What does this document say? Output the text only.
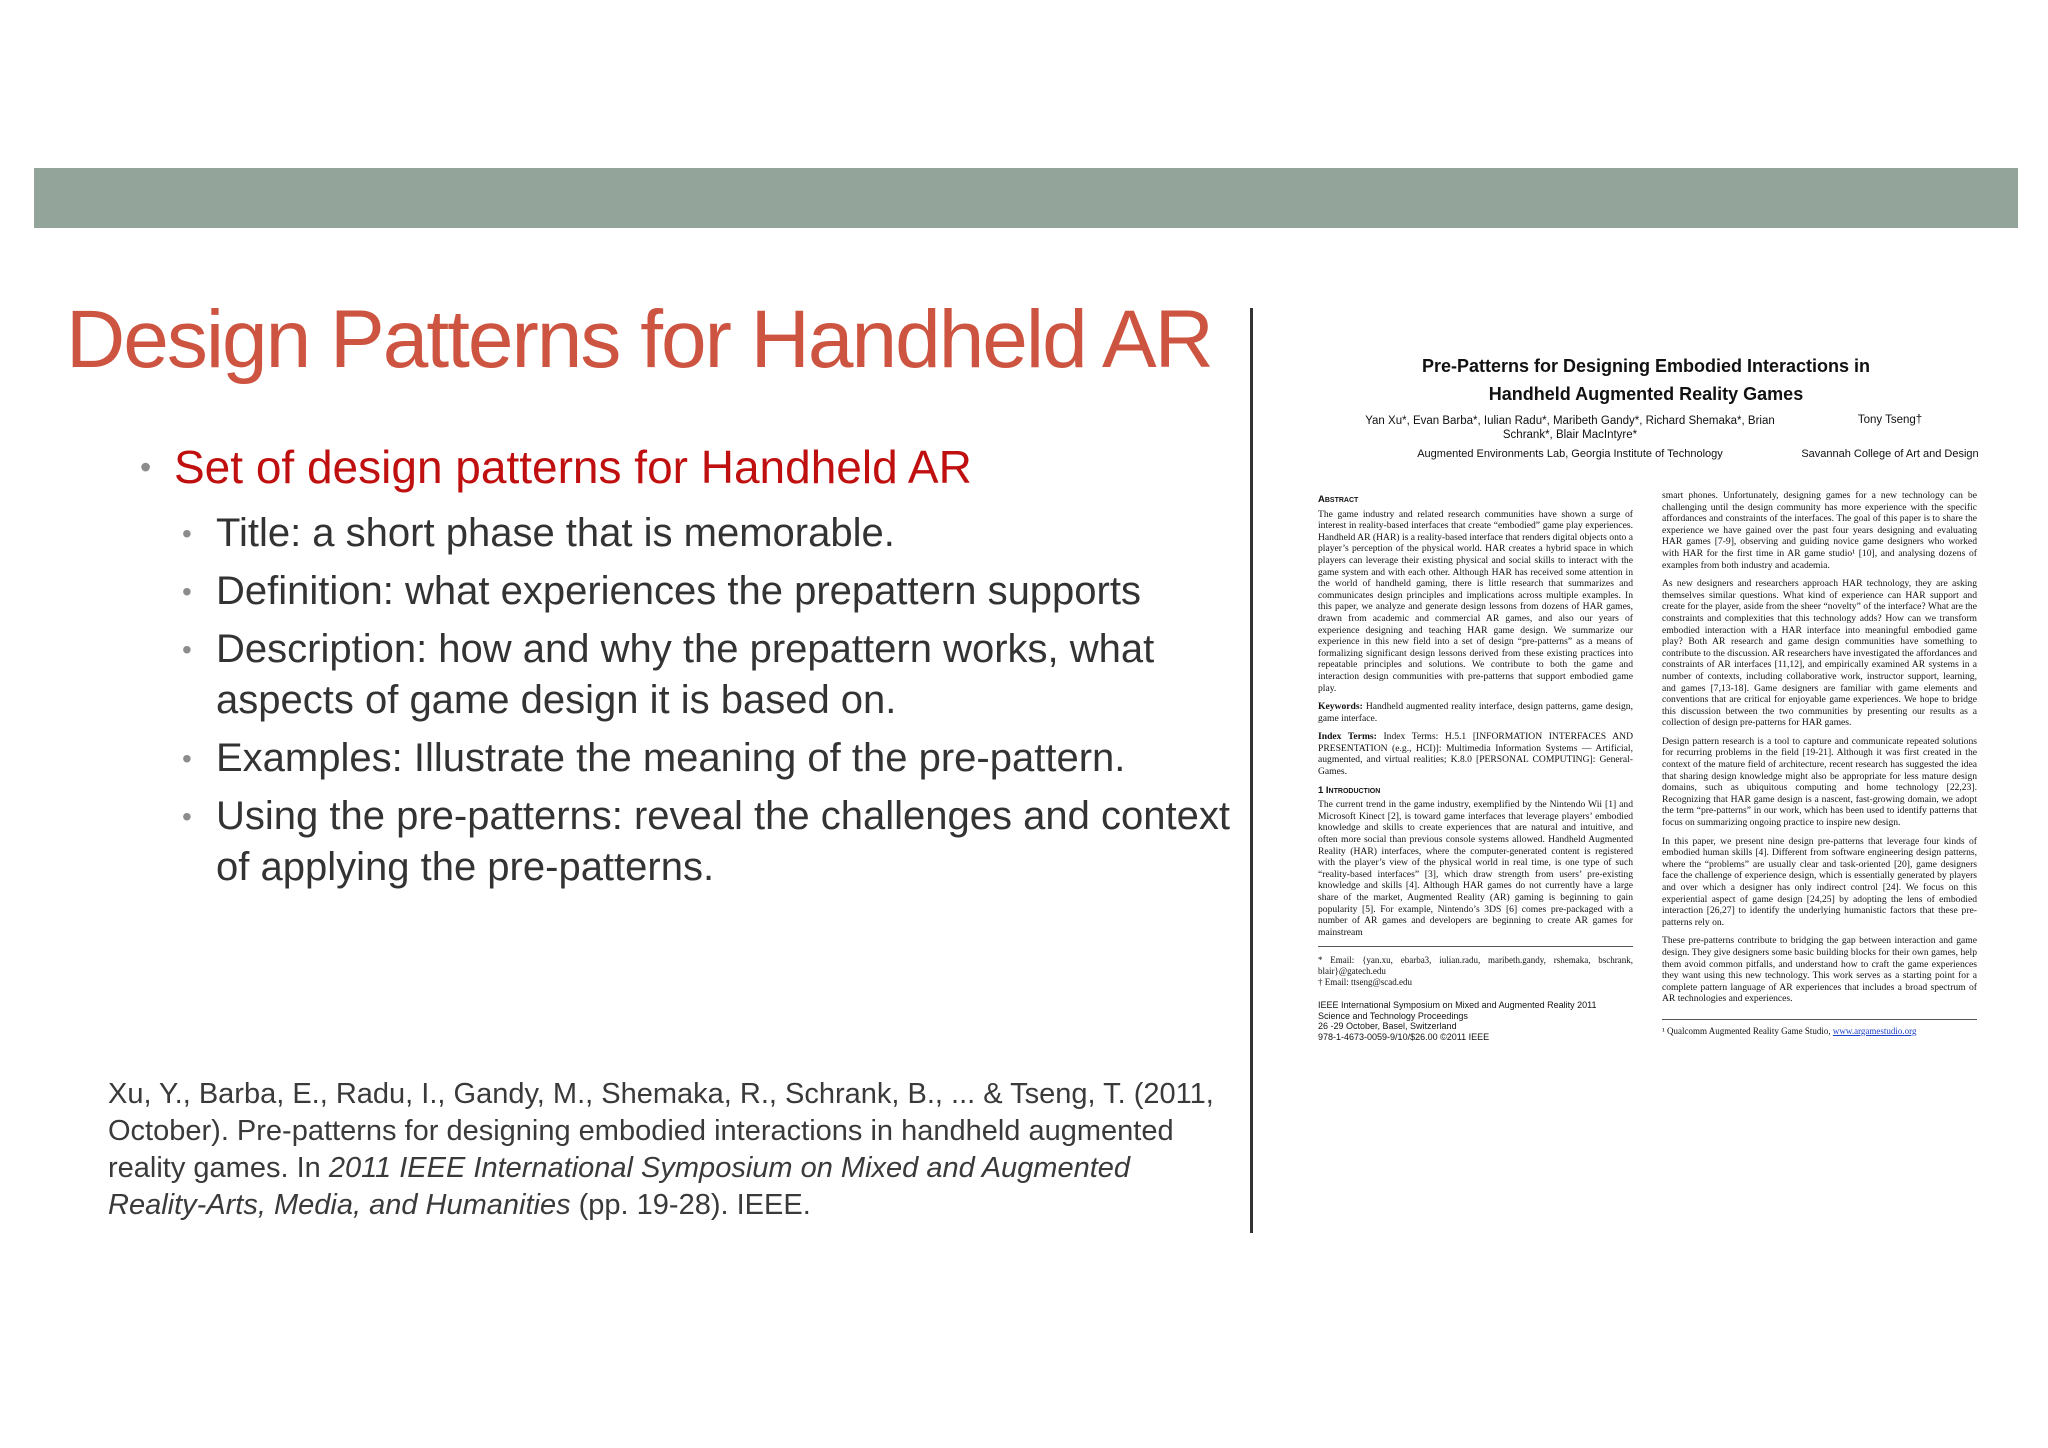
Design Patterns for Handheld AR
• Set of design patterns for Handheld AR
• Title: a short phase that is memorable.
• Definition: what experiences the prepattern supports
• Description: how and why the prepattern works, what aspects of game design it is based on.
• Examples: Illustrate the meaning of the pre-pattern.
• Using the pre-patterns: reveal the challenges and context of applying the pre-patterns.

Xu, Y., Barba, E., Radu, I., Gandy, M., Shemaka, R., Schrank, B., ... & Tseng, T. (2011, October). Pre-patterns for designing embodied interactions in handheld augmented reality games. In 2011 IEEE International Symposium on Mixed and Augmented Reality-Arts, Media, and Humanities (pp. 19-28). IEEE.

Pre-Patterns for Designing Embodied Interactions in
Handheld Augmented Reality Games
Yan Xu*, Evan Barba*, Iulian Radu*, Maribeth Gandy*, Richard Shemaka*, Brian Schrank*, Blair MacIntyre*
Augmented Environments Lab, Georgia Institute of Technology
Tony Tseng†
Savannah College of Art and Design
Abstract

The game industry and related research communities have shown a surge of interest in reality-based interfaces that create “embodied” game play experiences. Handheld AR (HAR) is a reality-based interface that renders digital objects onto a player’s perception of the physical world. HAR creates a hybrid space in which players can leverage their existing physical and social skills to interact with the game system and with each other. Although HAR has received some attention in the world of handheld gaming, there is little research that summarizes and communicates design principles and implications across multiple examples. In this paper, we analyze and generate design lessons from dozens of HAR games, drawn from academic and commercial AR games, and also our years of experience designing and teaching HAR game design. We summarize our experience in this new field into a set of design “pre-patterns” as a means of formalizing significant design lessons derived from these existing practices into repeatable principles and solutions. We contribute to both the game and interaction design communities with pre-patterns that support embodied game play.

Keywords: Handheld augmented reality interface, design patterns, game design, game interface.

Index Terms: Index Terms: H.5.1 [INFORMATION INTERFACES AND PRESENTATION (e.g., HCI)]: Multimedia Information Systems — Artificial, augmented, and virtual realities; K.8.0 [PERSONAL COMPUTING]: General- Games.

1 Introduction

The current trend in the game industry, exemplified by the Nintendo Wii [1] and Microsoft Kinect [2], is toward game interfaces that leverage players’ embodied knowledge and skills to create experiences that are natural and intuitive, and often more social than previous console systems allowed. Handheld Augmented Reality (HAR) interfaces, where the computer-generated content is registered with the player’s view of the physical world in real time, is one type of such “reality-based interfaces” [3], which draw strength from users’ pre-existing knowledge and skills [4]. Although HAR games do not currently have a large share of the market, Augmented Reality (AR) gaming is beginning to gain popularity [5]. For example, Nintendo’s 3DS [6] comes pre-packaged with a number of AR games and developers are beginning to create AR games for mainstream

* Email: {yan.xu, ebarba3, iulian.radu, maribeth.gandy, rshemaka, bschrank, blair}@gatech.edu
† Email: ttseng@scad.edu
IEEE International Symposium on Mixed and Augmented Reality 2011
Science and Technology Proceedings
26 -29 October, Basel, Switzerland
978-1-4673-0059-9/10/$26.00 ©2011 IEEE

smart phones. Unfortunately, designing games for a new technology can be challenging until the design community has more experience with the specific affordances and constraints of the interfaces. The goal of this paper is to share the experience we have gained over the past four years designing and evaluating HAR games [7-9], observing and guiding novice game designers who worked with HAR for the first time in AR game studio¹ [10], and analysing dozens of examples from both industry and academia.

As new designers and researchers approach HAR technology, they are asking themselves similar questions. What kind of experience can HAR support and create for the player, aside from the sheer “novelty” of the interface? What are the constraints and complexities that this technology adds? How can we transform embodied interaction with a HAR interface into meaningful embodied game play? Both AR research and game design communities have something to contribute to the discussion. AR researchers have investigated the affordances and constraints of AR interfaces [11,12], and empirically examined AR systems in a number of contexts, including collaborative work, instructor support, learning, and games [7,13-18]. Game designers are familiar with game elements and conventions that are critical for enjoyable game experiences. We hope to bridge this discussion between the two communities by presenting our results as a collection of design pre-patterns for HAR games.

Design pattern research is a tool to capture and communicate repeated solutions for recurring problems in the field [19-21]. Although it was first created in the context of the mature field of architecture, recent research has suggested the idea that sharing design knowledge might also be appropriate for less mature design domains, such as ubiquitous computing and home technology [22,23]. Recognizing that HAR game design is a nascent, fast-growing domain, we adopt the term “pre-patterns” in our work, which has been used to identify patterns that focus on summarizing ongoing practice to inspire new design.

In this paper, we present nine design pre-patterns that leverage four kinds of embodied human skills [4]. Different from software engineering design patterns, where the “problems” are usually clear and task-oriented [20], game designers face the challenge of experience design, which is essentially generated by players and over which a designer has only indirect control [24]. We focus on this experiential aspect of game design [24,25] by adopting the lens of embodied interaction [26,27] to identify the underlying humanistic factors that these pre-patterns rely on.

These pre-patterns contribute to bridging the gap between interaction and game design. They give designers some basic building blocks for their own games, help them avoid common pitfalls, and understand how to craft the game experiences they want using this new technology. This work serves as a starting point for a complete pattern language of AR experiences that includes a broad spectrum of AR technologies and experiences.

¹ Qualcomm Augmented Reality Game Studio, www.argamestudio.org
